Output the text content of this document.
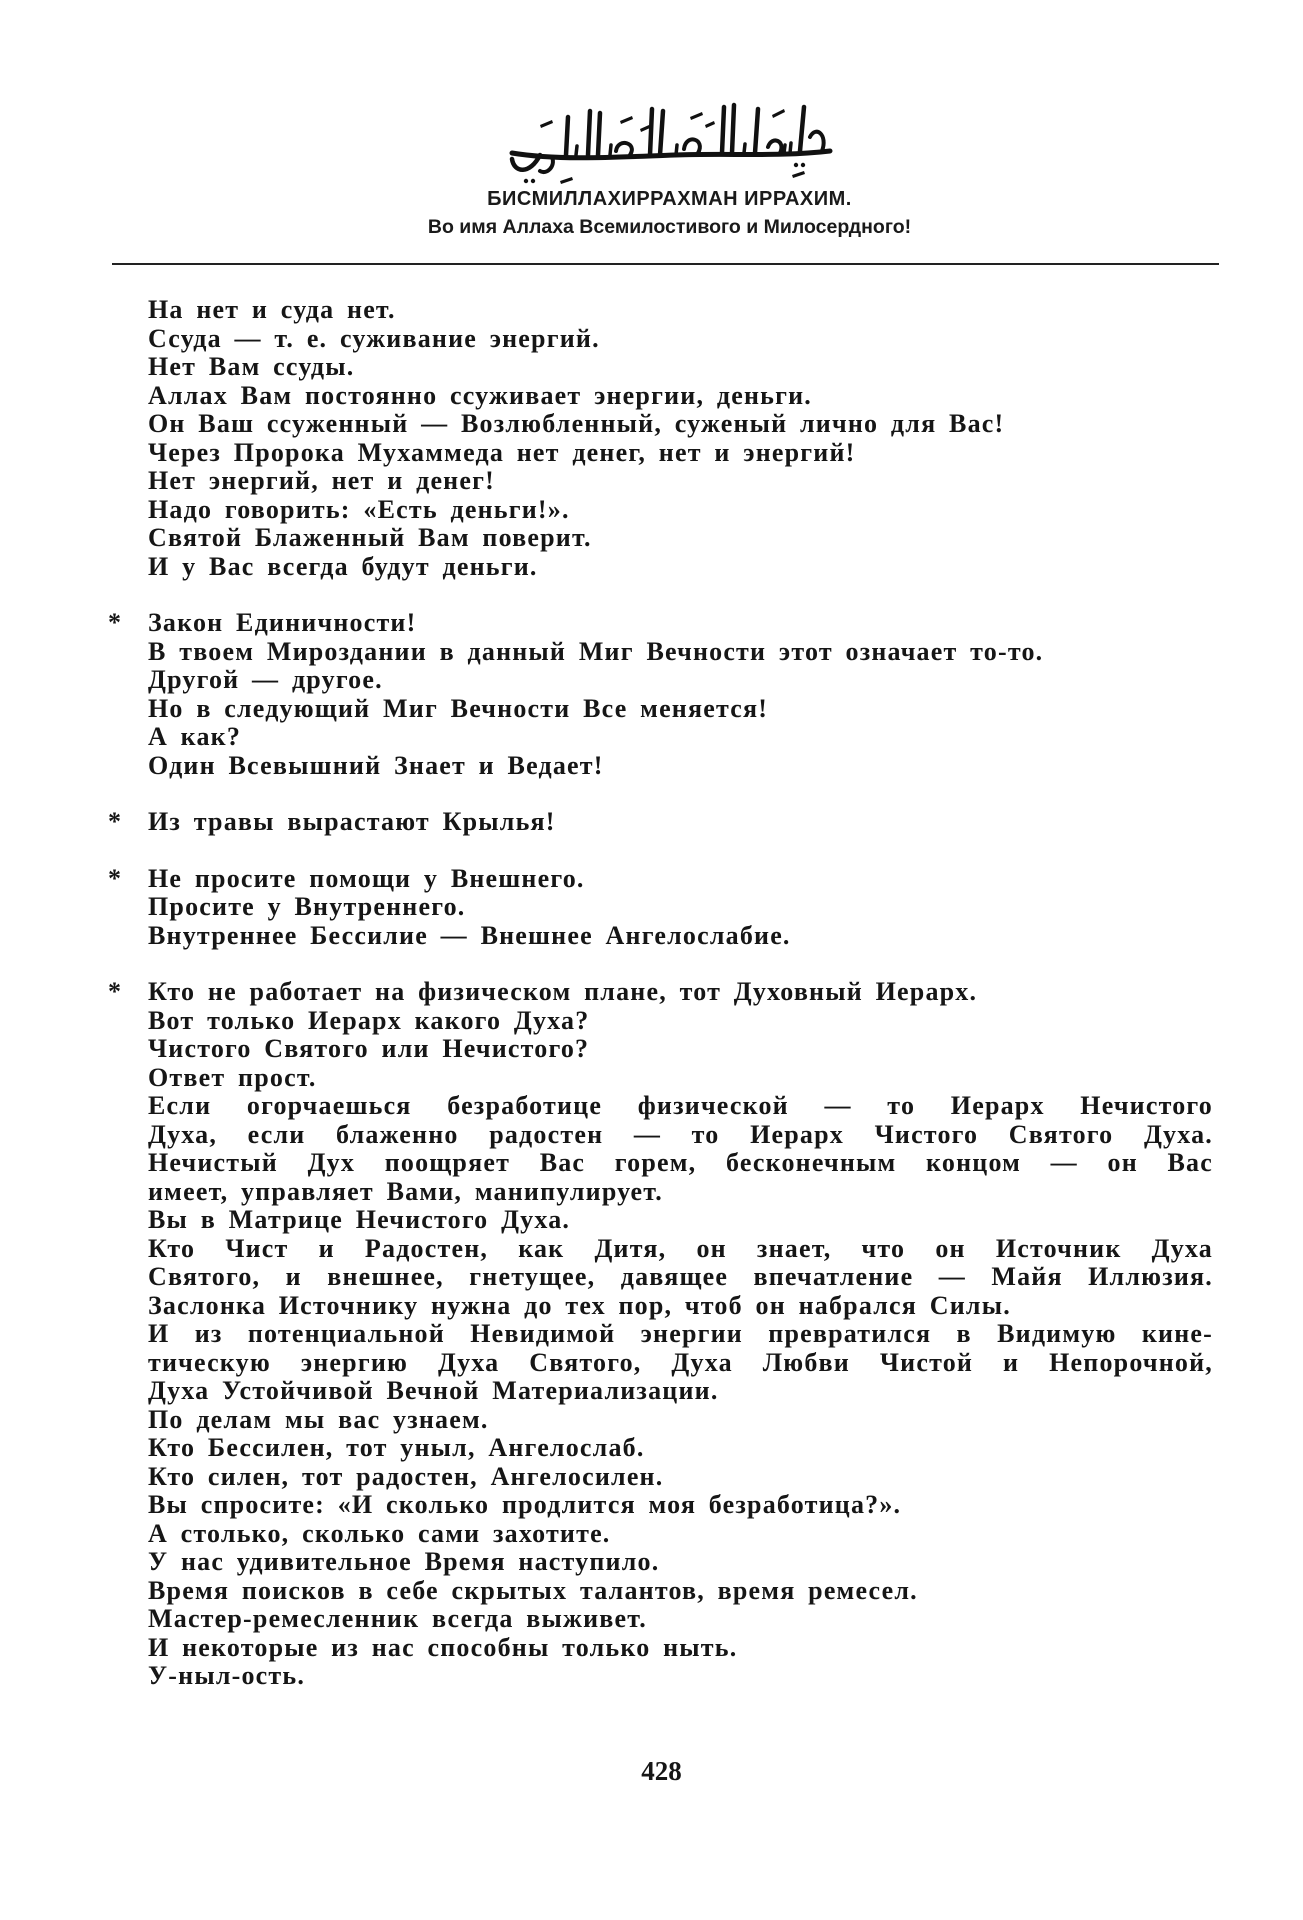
БИСМИЛЛАХИРРАХМАН ИРРАХИМ.
Во имя Аллаха Всемилостивого и Милосердного!
На нет и суда нет.
Ссуда — т. е. суживание энергий.
Нет Вам ссуды.
Аллах Вам постоянно ссуживает энергии, деньги.
Он Ваш ссуженный — Возлюбленный, суженый лично для Вас!
Через Пророка Мухаммеда нет денег, нет и энергий!
Нет энергий, нет и денег!
Надо говорить: «Есть деньги!».
Святой Блаженный Вам поверит.
И у Вас всегда будут деньги.
* Закон Единичности!
В твоем Мироздании в данный Миг Вечности этот означает то-то.
Другой — другое.
Но в следующий Миг Вечности Все меняется!
А как?
Один Всевышний Знает и Ведает!
* Из травы вырастают Крылья!
* Не просите помощи у Внешнего.
Просите у Внутреннего.
Внутреннее Бессилие — Внешнее Ангелослабие.
* Кто не работает на физическом плане, тот Духовный Иерарх.
Вот только Иерарх какого Духа?
Чистого Святого или Нечистого?
Ответ прост.
Если огорчаешься безработице физической — то Иерарх Нечистого
Духа, если блаженно радостен — то Иерарх Чистого Святого Духа.
Нечистый Дух поощряет Вас горем, бесконечным концом — он Вас
имеет, управляет Вами, манипулирует.
Вы в Матрице Нечистого Духа.
Кто Чист и Радостен, как Дитя, он знает, что он Источник Духа
Святого, и внешнее, гнетущее, давящее впечатление — Майя Иллюзия.
Заслонка Источнику нужна до тех пор, чтоб он набрался Силы.
И из потенциальной Невидимой энергии превратился в Видимую кине-
тическую энергию Духа Святого, Духа Любви Чистой и Непорочной,
Духа Устойчивой Вечной Материализации.
По делам мы вас узнаем.
Кто Бессилен, тот уныл, Ангелослаб.
Кто силен, тот радостен, Ангелосилен.
Вы спросите: «И сколько продлится моя безработица?».
А столько, сколько сами захотите.
У нас удивительное Время наступило.
Время поисков в себе скрытых талантов, время ремесел.
Мастер-ремесленник всегда выживет.
И некоторые из нас способны только ныть.
У-ныл-ость.
428
